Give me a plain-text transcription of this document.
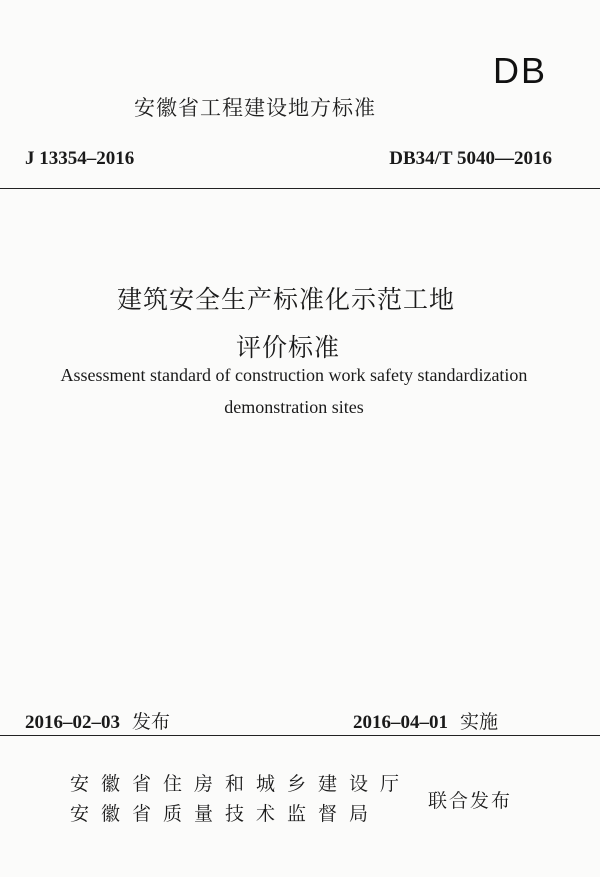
DB
安徽省工程建设地方标准
J 13354–2016	DB34/T 5040—2016
建筑安全生产标准化示范工地
评价标准
Assessment standard of construction work safety standardization
demonstration sites
2016–02–03 发布	2016–04–01 实施
安徽省住房和城乡建设厅
安徽省质量技术监督局
联合发布
